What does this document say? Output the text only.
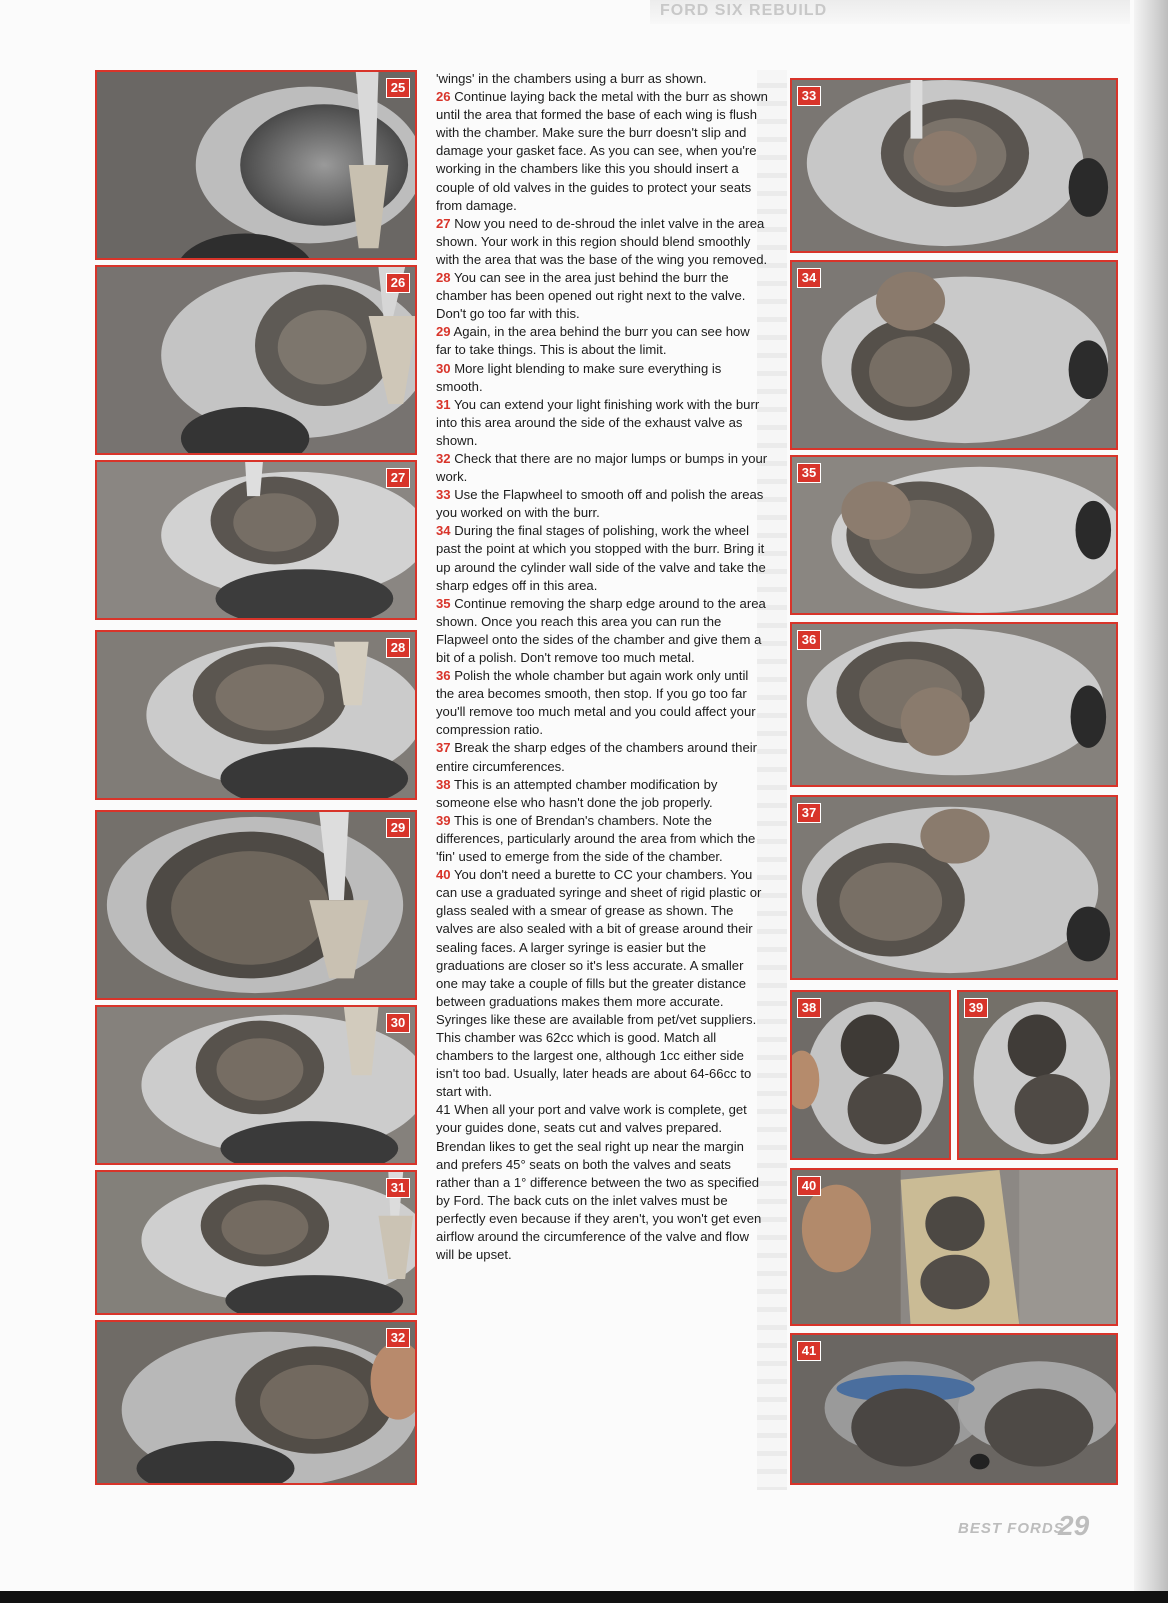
FORD SIX REBUILD
25
26
27
28
29
30
31
32
33
34
35
36
37
38	39
40
41

'wings' in the chambers using a burr as shown.

26 Continue laying back the metal with the burr as shown until the area that formed the base of each wing is flush with the chamber. Make sure the burr doesn't slip and damage your gasket face. As you can see, when you're working in the chambers like this you should insert a couple of old valves in the guides to protect your seats from damage.

27 Now you need to de-shroud the inlet valve in the area shown. Your work in this region should blend smoothly with the area that was the base of the wing you removed.

28 You can see in the area just behind the burr the chamber has been opened out right next to the valve. Don't go too far with this.

29 Again, in the area behind the burr you can see how far to take things. This is about the limit.

30 More light blending to make sure everything is smooth.

31 You can extend your light finishing work with the burr into this area around the side of the exhaust valve as shown.

32 Check that there are no major lumps or bumps in your work.

33 Use the Flapwheel to smooth off and polish the areas you worked on with the burr.

34 During the final stages of polishing, work the wheel past the point at which you stopped with the burr. Bring it up around the cylinder wall side of the valve and take the sharp edges off in this area.

35 Continue removing the sharp edge around to the area shown. Once you reach this area you can run the Flapweel onto the sides of the chamber and give them a bit of a polish. Don't remove too much metal.

36 Polish the whole chamber but again work only until the area becomes smooth, then stop. If you go too far you'll remove too much metal and you could affect your compression ratio.

37 Break the sharp edges of the chambers around their entire circumferences.

38 This is an attempted chamber modification by someone else who hasn't done the job properly.

39 This is one of Brendan's chambers. Note the differences, particularly around the area from which the 'fin' used to emerge from the side of the chamber.

40 You don't need a burette to CC your chambers. You can use a graduated syringe and sheet of rigid plastic or glass sealed with a smear of grease as shown. The valves are also sealed with a bit of grease around their sealing faces. A larger syringe is easier but the graduations are closer so it's less accurate. A smaller one may take a couple of fills but the greater distance between graduations makes them more accurate. Syringes like these are available from pet/vet suppliers. This chamber was 62cc which is good. Match all chambers to the largest one, although 1cc either side isn't too bad. Usually, later heads are about 64-66cc to start with.

41 When all your port and valve work is complete, get your guides done, seats cut and valves prepared. Brendan likes to get the seal right up near the margin and prefers 45° seats on both the valves and seats rather than a 1° difference between the two as specified by Ford. The back cuts on the inlet valves must be perfectly even because if they aren't, you won't get even airflow around the circumference of the valve and flow will be upset.

BEST FORDS
29
